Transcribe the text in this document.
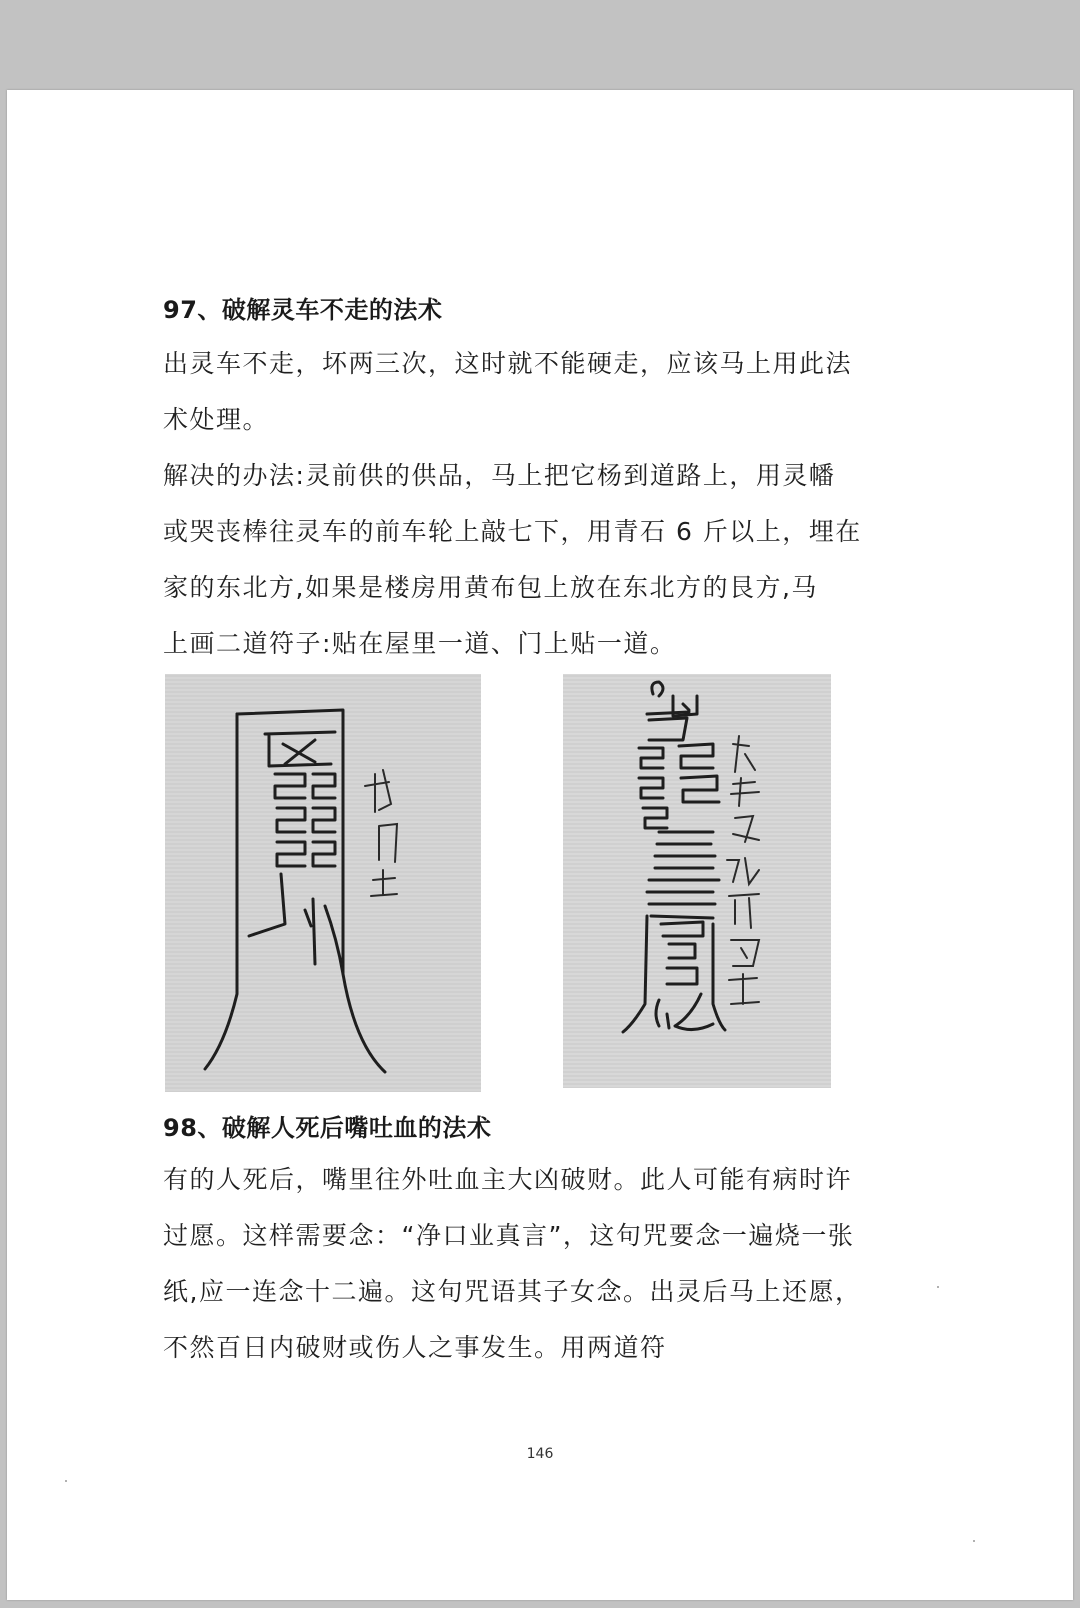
97、破解灵车不走的法术
出灵车不走，坏两三次，这时就不能硬走，应该马上用此法
术处理。
解决的办法:灵前供的供品，马上把它杨到道路上，用灵幡
或哭丧棒往灵车的前车轮上敲七下，用青石 6 斤以上，埋在
家的东北方,如果是楼房用黄布包上放在东北方的艮方,马
上画二道符子:贴在屋里一道、门上贴一道。
98、破解人死后嘴吐血的法术
有的人死后，嘴里往外吐血主大凶破财。此人可能有病时许
过愿。这样需要念：“净口业真言”，这句咒要念一遍烧一张
纸,应一连念十二遍。这句咒语其子女念。出灵后马上还愿，
不然百日内破财或伤人之事发生。用两道符
146
